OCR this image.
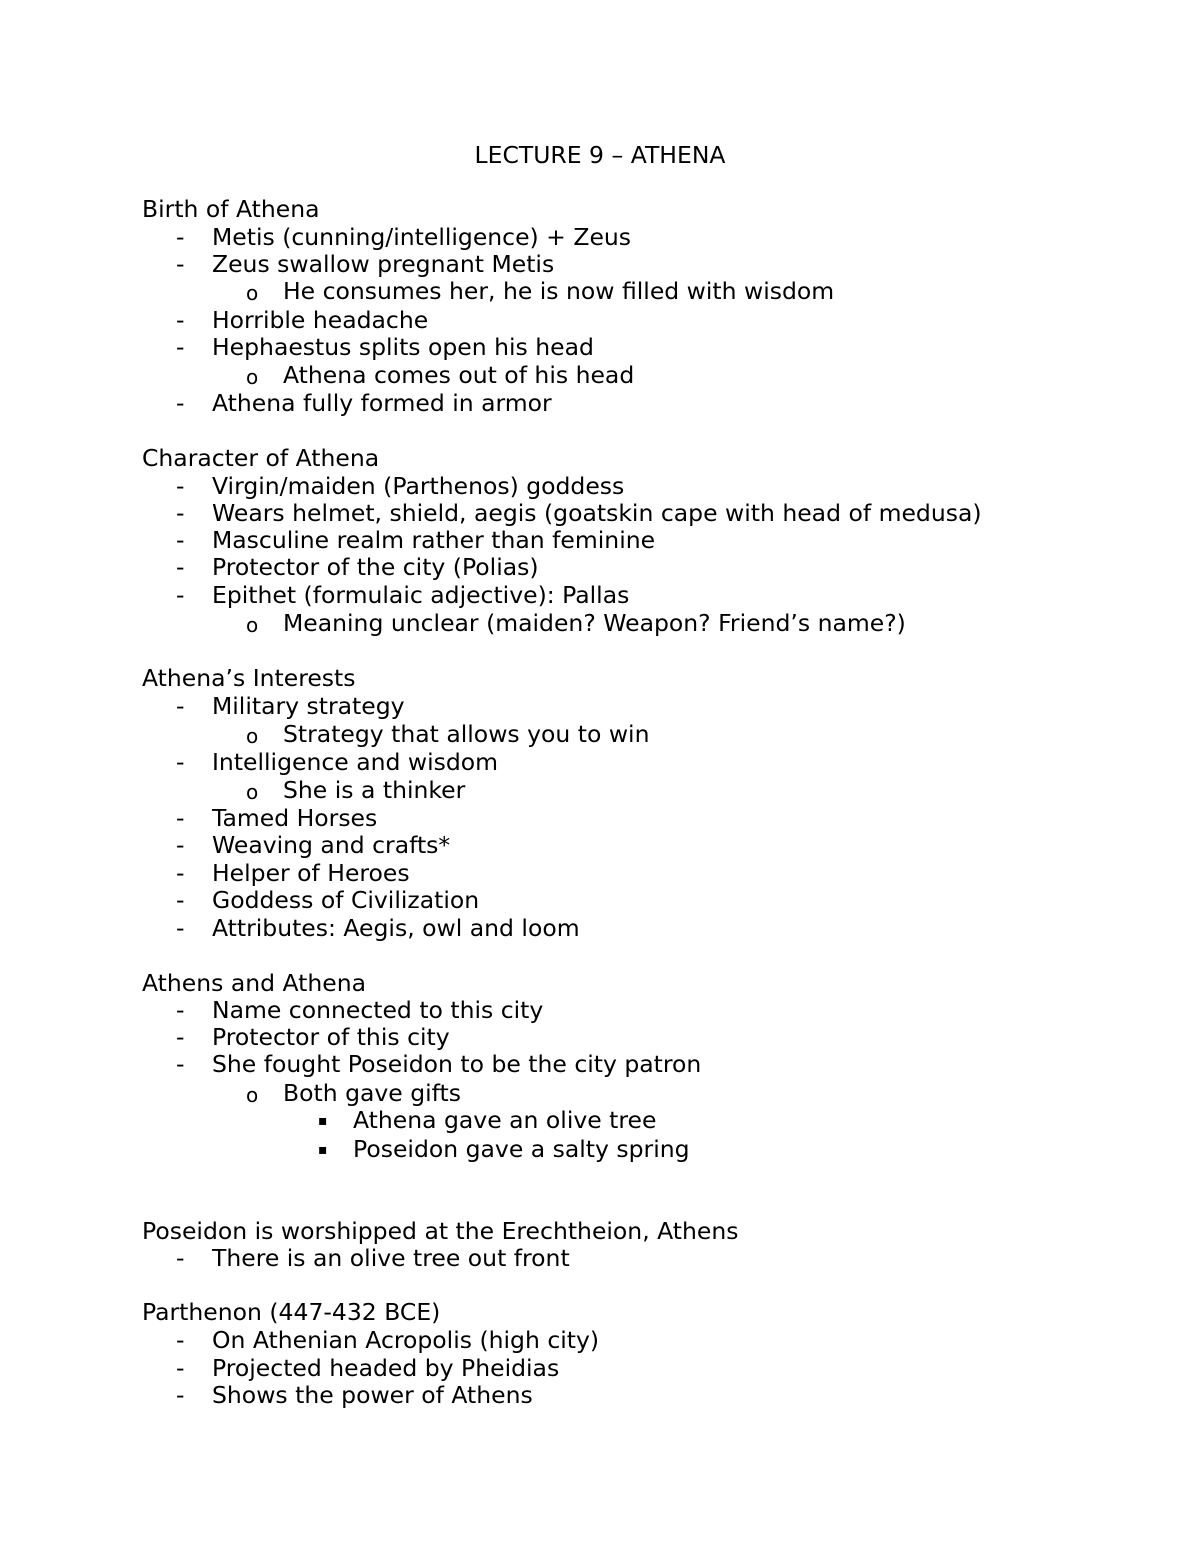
LECTURE 9 – ATHENA
Birth of Athena
- Metis (cunning/intelligence) + Zeus
- Zeus swallow pregnant Metis
o He consumes her, he is now filled with wisdom
- Horrible headache
- Hephaestus splits open his head
o Athena comes out of his head
- Athena fully formed in armor
Character of Athena
- Virgin/maiden (Parthenos) goddess
- Wears helmet, shield, aegis (goatskin cape with head of medusa)
- Masculine realm rather than feminine
- Protector of the city (Polias)
- Epithet (formulaic adjective): Pallas
o Meaning unclear (maiden? Weapon? Friend’s name?)
Athena’s Interests
- Military strategy
o Strategy that allows you to win
- Intelligence and wisdom
o She is a thinker
- Tamed Horses
- Weaving and crafts*
- Helper of Heroes
- Goddess of Civilization
- Attributes: Aegis, owl and loom
Athens and Athena
- Name connected to this city
- Protector of this city
- She fought Poseidon to be the city patron
o Both gave gifts
▪ Athena gave an olive tree
▪ Poseidon gave a salty spring
Poseidon is worshipped at the Erechtheion, Athens
- There is an olive tree out front
Parthenon (447-432 BCE)
- On Athenian Acropolis (high city)
- Projected headed by Pheidias
- Shows the power of Athens
